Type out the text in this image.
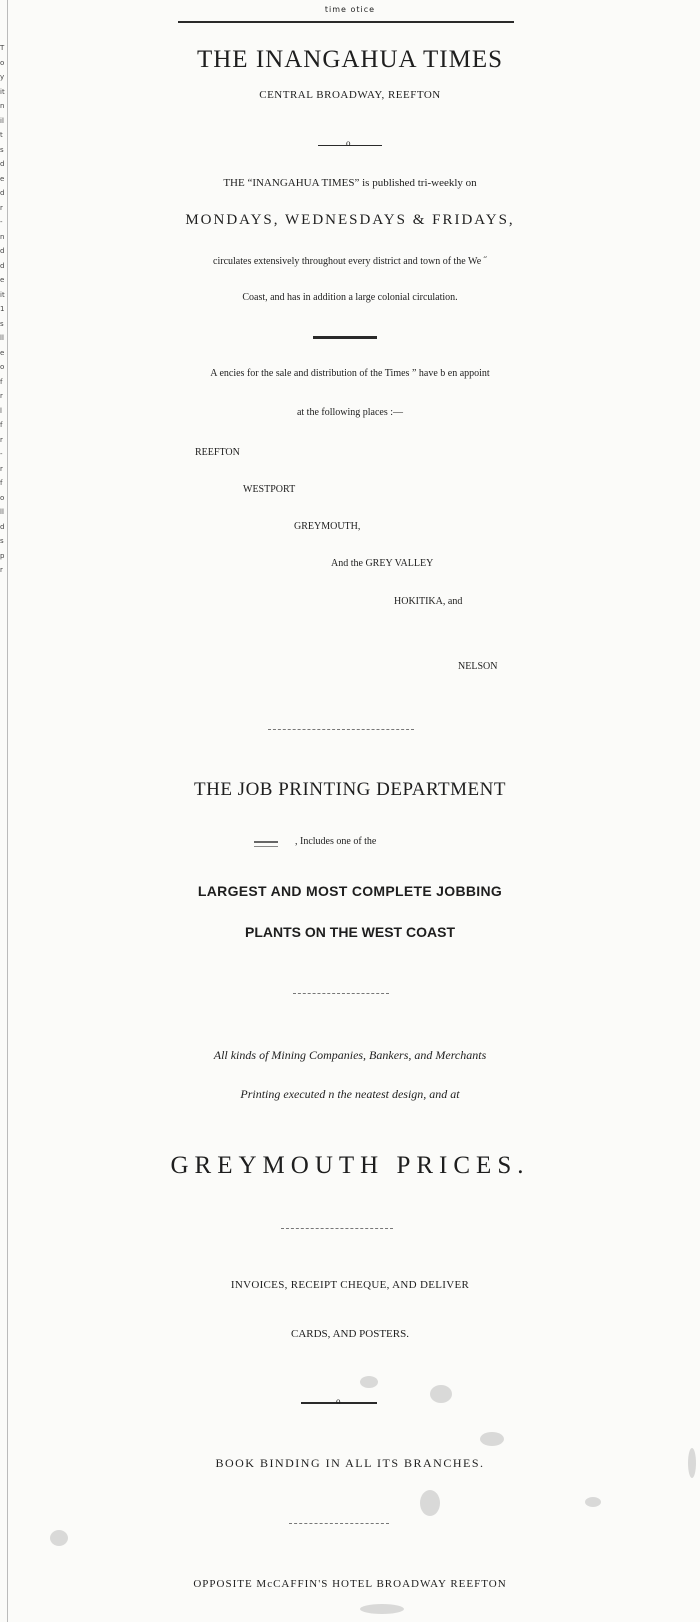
T
o
y
it
n
il
t
s
d
e
d
r
-
n
d
d
e
it
1
s
ll
e
o
f
r
l
f
r
-
r
f
o
ll
d
s
p
r
time otice
THE INANGAHUA TIMES
CENTRAL BROADWAY, REEFTON
o
THE “INANGAHUA TIMES” is published tri-weekly on
MONDAYS, WEDNESDAYS & FRIDAYS,
circulates extensively throughout every district and town of the We ˝
Coast, and has in addition a large colonial circulation.
A encies for the sale and distribution of the Times ” have b en appoint
at the following places :—
REEFTON
WESTPORT
GREYMOUTH,
And the GREY VALLEY
HOKITIKA, and
NELSON
THE JOB PRINTING DEPARTMENT
, Includes one of the
LARGEST AND MOST COMPLETE JOBBING
PLANTS ON THE WEST COAST
All kinds of Mining Companies, Bankers, and Merchants
Printing executed n the neatest design, and at
GREYMOUTH PRICES.
INVOICES, RECEIPT CHEQUE, AND DELIVER
CARDS, AND POSTERS.
o
BOOK BINDING IN ALL ITS BRANCHES.
OPPOSITE McCAFFIN'S HOTEL BROADWAY REEFTON
